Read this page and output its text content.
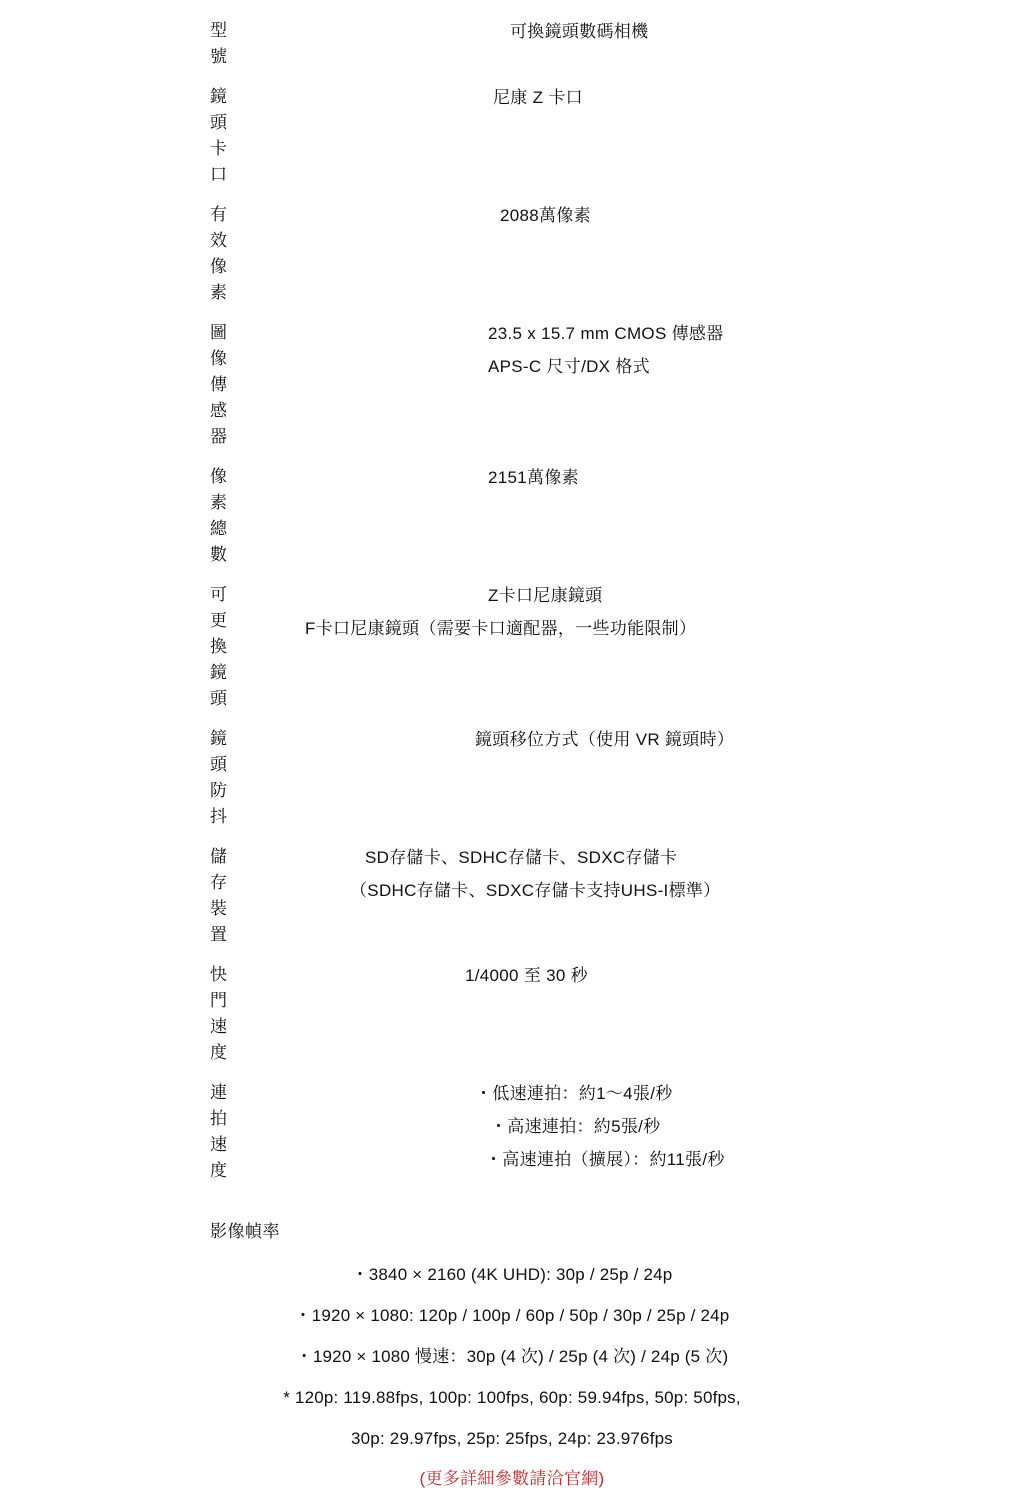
型號
可換鏡頭數碼相機
鏡頭卡口
尼康 Z 卡口
有效像素
2088萬像素
圖像傳感器
23.5 x 15.7 mm CMOS 傳感器
APS-C 尺寸/DX 格式
像素總數
2151萬像素
可更換鏡頭
Z卡口尼康鏡頭
F卡口尼康鏡頭（需要卡口適配器，一些功能限制）
鏡頭防抖
鏡頭移位方式（使用 VR 鏡頭時）
儲存裝置
SD存儲卡、SDHC存儲卡、SDXC存儲卡
（SDHC存儲卡、SDXC存儲卡支持UHS-I標準）
快門速度
1/4000 至 30 秒
連拍速度
・低速連拍：約1〜4張/秒
・高速連拍：約5張/秒
・高速連拍（擴展）：約11張/秒
影像幀率
・3840 × 2160 (4K UHD): 30p / 25p / 24p
・1920 × 1080: 120p / 100p / 60p / 50p / 30p / 25p / 24p
・1920 × 1080 慢速：30p (4 次) / 25p (4 次) / 24p (5 次)
* 120p: 119.88fps, 100p: 100fps, 60p: 59.94fps, 50p: 50fps,
30p: 29.97fps, 25p: 25fps, 24p: 23.976fps
(更多詳細參數請洽官網)
